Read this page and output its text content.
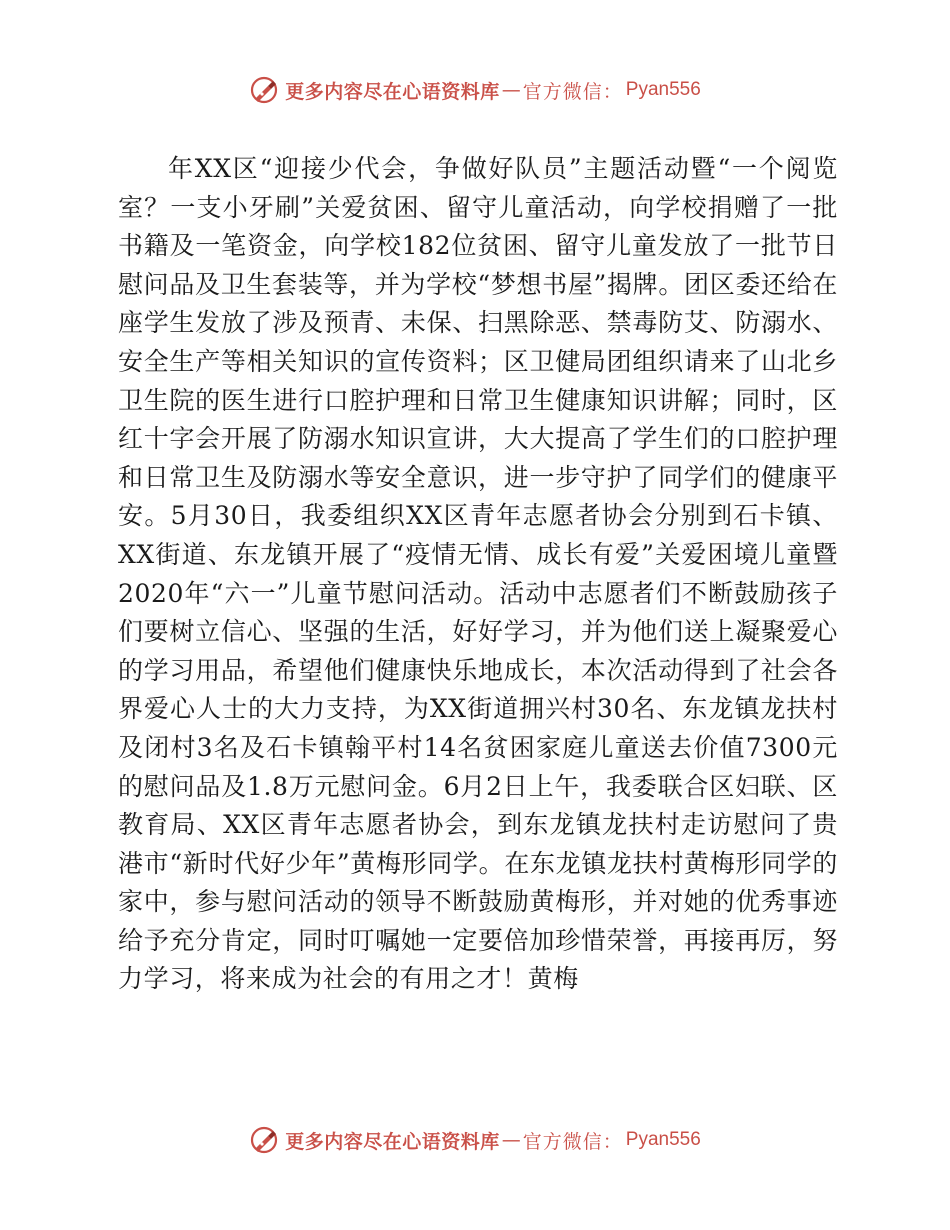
更多内容尽在心语资料库 — 官方微信 ： Pyan556

年XX区“迎接少代会，争做好队员”主题活动暨“一个阅览室？一支小牙刷”关爱贫困、留守儿童活动，向学校捐赠了一批书籍及一笔资金，向学校182位贫困、留守儿童发放了一批节日慰问品及卫生套装等，并为学校“梦想书屋”揭牌。团区委还给在座学生发放了涉及预青、未保、扫黑除恶、禁毒防艾、防溺水、安全生产等相关知识的宣传资料；区卫健局团组织请来了山北乡卫生院的医生进行口腔护理和日常卫生健康知识讲解；同时，区红十字会开展了防溺水知识宣讲，大大提高了学生们的口腔护理和日常卫生及防溺水等安全意识，进一步守护了同学们的健康平安。5月30日，我委组织XX区青年志愿者协会分别到石卡镇、XX街道、东龙镇开展了“疫情无情、成长有爱”关爱困境儿童暨2020年“六一”儿童节慰问活动。活动中志愿者们不断鼓励孩子们要树立信心、坚强的生活，好好学习，并为他们送上凝聚爱心的学习用品，希望他们健康快乐地成长，本次活动得到了社会各界爱心人士的大力支持，为XX街道拥兴村30名、东龙镇龙扶村及闭村3名及石卡镇翰平村14名贫困家庭儿童送去价值7300元的慰问品及1.8万元慰问金。6月2日上午，我委联合区妇联、区教育局、XX区青年志愿者协会，到东龙镇龙扶村走访慰问了贵港市“新时代好少年”黄梅形同学。在东龙镇龙扶村黄梅形同学的家中，参与慰问活动的领导不断鼓励黄梅形，并对她的优秀事迹给予充分肯定，同时叮嘱她一定要倍加珍惜荣誉，再接再厉，努力学习，将来成为社会的有用之才！黄梅

更多内容尽在心语资料库 — 官方微信 ： Pyan556
